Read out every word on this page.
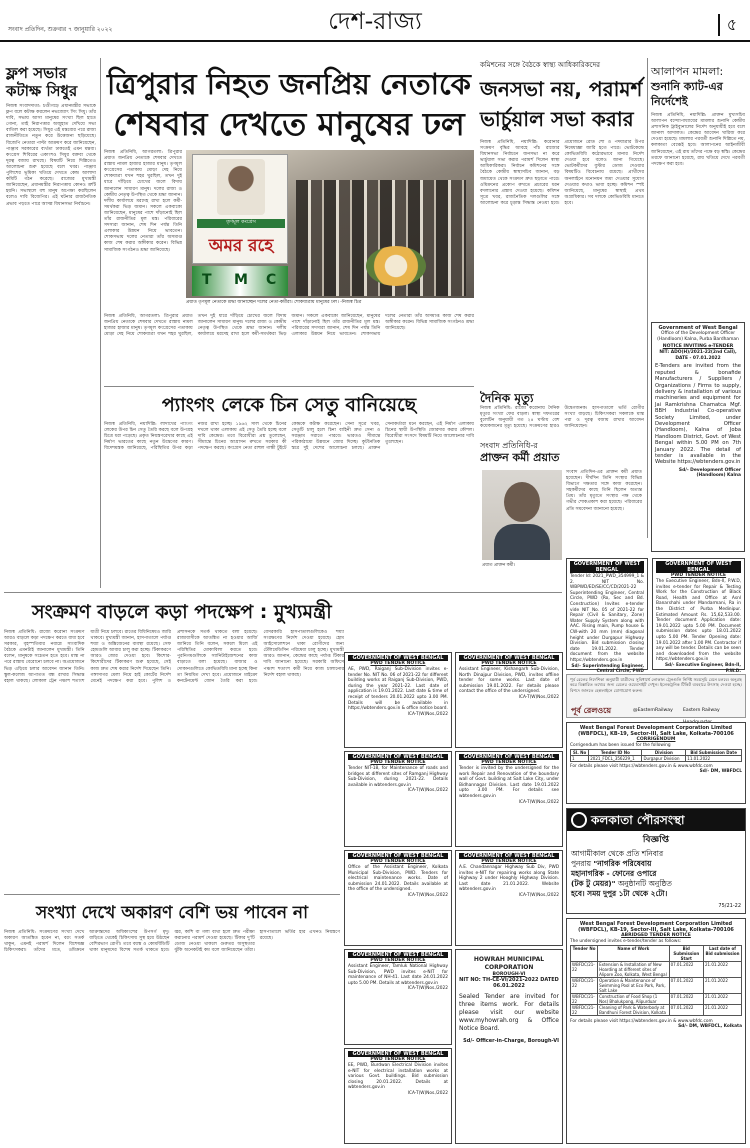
সংবাদ প্রতিদিন, শুক্রবার ৭ জানুয়ারি ২০২২	দেশ-রাজ্য	৫
ফ্লপ সভার কটাক্ষ সিধুর
নিজস্ব সংবাদদাতা: চণ্ডীগড়ে প্রধানমন্ত্রীর সভাকে ফ্লপ বলে কটাক্ষ করলেন নভজ্যোৎ সিং সিধু। তাঁর দাবি, সভায় আসা মানুষের সংখ্যা ছিল হাতে গোনা, তাই নিরাপত্তার অজুহাত দেখিয়ে সভা বাতিল করা হয়েছে। সিধুর এই মন্তব্যের পরে রাজ্য রাজনীতিতে নতুন করে উত্তেজনা ছড়িয়েছে। বিজেপি নেতারা পাল্টা আক্রমণ করে জানিয়েছেন, পাঞ্জাব সরকারের ব্যর্থতা ঢাকতেই এমন মন্তব্য। কংগ্রেস শিবিরের একাংশও সিধুর বক্তব্য থেকে দূরত্ব বজায় রাখছে। বিষয়টি নিয়ে দিল্লিতেও আলোচনা শুরু হয়েছে বলে খবর। পাঞ্জাব পুলিশের ভূমিকা খতিয়ে দেখতে কেন্দ্র আলাদা কমিটি গঠন করেছে। রাজ্যের মুখ্যমন্ত্রী জানিয়েছেন, প্রধানমন্ত্রীর নিরাপত্তায় কোনও ত্রুটি হয়নি। সভাস্থলে বহু মানুষ অপেক্ষা করছিলেন বলেও দাবি বিজেপির। এই ঘটনার রাজনৈতিক প্রভাব পড়তে পারে আসন্ন বিধানসভা নির্বাচনে।
ত্রিপুরার নিহত জনপ্রিয় নেতাকে
শেষবার দেখতে মানুষের ঢল
নিজস্ব প্রতিনিধি, আগরতলা: ত্রিপুরার প্রয়াত জনপ্রিয় নেতাকে শেষবার দেখতে রাস্তায় নামল হাজার হাজার মানুষ। তৃণমূল কংগ্রেসের পতাকায় মোড়া দেহ নিয়ে শোকযাত্রা যখন শহর ঘুরছিল, তখন দুই ধারে দাঁড়িয়ে চোখের জলে বিদায় জানালেন সাধারণ মানুষ। দলের রাজ্য ও কেন্দ্রীয় নেতৃত্ব উপস্থিত থেকে শ্রদ্ধা জানান। দলীয় কার্যালয়ে মরদেহ রাখা হলে কর্মী-সমর্থকরা ভিড় জমান। সকলে একবাক্যে জানিয়েছেন, মানুষের পাশে দাঁড়ানোই ছিল তাঁর রাজনীতির মূল মন্ত্র। পরিবারের সদস্যরা জানান, শেষ দিন পর্যন্ত তিনি এলাকার উন্নয়ন নিয়ে ভাবতেন। শোকসভায় দলের নেতারা তাঁর অসমাপ্ত কাজ শেষ করার অঙ্গীকার করেন। বিভিন্ন সামাজিক সংগঠনও শ্রদ্ধা জানিয়েছে।
তৃণমূল কংগ্রেস
অমর রহে
T M C
প্রয়াত তৃণমূল নেতাকে শ্রদ্ধা জানাচ্ছেন দলের নেতা-কর্মীরা। শোকযাত্রায় মানুষের ঢল। -নিজস্ব চিত্র
নিজস্ব প্রতিনিধি, আগরতলা: ত্রিপুরার প্রয়াত জনপ্রিয় নেতাকে শেষবার দেখতে রাস্তায় নামল হাজার হাজার মানুষ। তৃণমূল কংগ্রেসের পতাকায় মোড়া দেহ নিয়ে শোকযাত্রা যখন শহর ঘুরছিল, তখন দুই ধারে দাঁড়িয়ে চোখের জলে বিদায় জানালেন সাধারণ মানুষ। দলের রাজ্য ও কেন্দ্রীয় নেতৃত্ব উপস্থিত থেকে শ্রদ্ধা জানান। দলীয় কার্যালয়ে মরদেহ রাখা হলে কর্মী-সমর্থকরা ভিড় জমান। সকলে একবাক্যে জানিয়েছেন, মানুষের পাশে দাঁড়ানোই ছিল তাঁর রাজনীতির মূল মন্ত্র। পরিবারের সদস্যরা জানান, শেষ দিন পর্যন্ত তিনি এলাকার উন্নয়ন নিয়ে ভাবতেন। শোকসভায় দলের নেতারা তাঁর অসমাপ্ত কাজ শেষ করার অঙ্গীকার করেন। বিভিন্ন সামাজিক সংগঠনও শ্রদ্ধা জানিয়েছে।
কমিশনের সঙ্গে বৈঠকে স্বাস্থ্য আধিকারিকদের
জনসভা নয়, পরামর্শ
ভার্চুয়াল সভা করার
নিজস্ব প্রতিনিধি, নয়াদিল্লি: করোনার সংক্রমণ বৃদ্ধির আবহে পাঁচ রাজ্যের বিধানসভা নির্বাচনে জনসভা না করে ভার্চুয়াল সভা করার পরামর্শ দিলেন স্বাস্থ্য আধিকারিকরা। নির্বাচন কমিশনের সঙ্গে বৈঠকে কেন্দ্রীয় স্বাস্থ্যসচিব জানান, বড় জমায়েত থেকে সংক্রমণ দ্রুত ছড়াতে পারে। ওমিক্রনের প্রকোপ রুখতে প্রচারের ধরন বদলানোর প্রস্তাব দেওয়া হয়েছে। কমিশন সূত্রে খবর, রাজনৈতিক দলগুলির সঙ্গে আলোচনা করে চূড়ান্ত সিদ্ধান্ত নেওয়া হবে। প্রয়োজনে রোড শো ও পদযাত্রার উপর নিষেধাজ্ঞা জারি হতে পারে। ভোটকেন্দ্রে কোভিডবিধি কঠোরভাবে মানার নির্দেশ দেওয়া হবে বলেও জানা গিয়েছে। ভোটকর্মীদের বুস্টার ডোজ দেওয়ার বিষয়টিও বিবেচনায় রয়েছে। প্রার্থীদের অনলাইনে মনোনয়ন জমা দেওয়ার সুযোগ দেওয়ার কথাও ভাবা হচ্ছে। কমিশন স্পষ্ট জানিয়েছে, মানুষের স্বাস্থ্যই প্রথম অগ্রাধিকার। সব দলকে কোভিডবিধি মানতে হবে।
আলাপন মামলা:
শুনানি ক্যাট-এর
নির্দেশেই
নিজস্ব প্রতিনিধি, নয়াদিল্লি: প্রাক্তন মুখ্যসচিব আলাপন বন্দ্যোপাধ্যায়ের মামলার শুনানি কেন্দ্রীয় প্রশাসনিক ট্রাইব্যুনালের নির্দেশ অনুযায়ীই হবে বলে জানাল আদালত। কেন্দ্রের আবেদন খারিজ করে দেওয়া হয়েছে। মামলার পরবর্তী শুনানি দিল্লিতে নয়, কলকাতা বেঞ্চেই হবে। আলাপনের আইনজীবী জানিয়েছেন, এই রায় তাঁদের পক্ষে বড় স্বস্তি। কেন্দ্রের তরফে জানানো হয়েছে, রায় খতিয়ে দেখে পরবর্তী পদক্ষেপ করা হবে।
Government of West Bengal
Office of the Development Officer (Handloom) Kalna, Purba Bardhaman
NOTICE INVITING e-TENDER
NIT: ADO(H)/2021-22(2nd Call), DATE - 07.01.2022
E-Tenders are invited from the reputed & bonafide Manufacturers / Suppliers / Organizations / Firms to supply, delivery & installation of various machineries and equipment for Jai Ramkrishna Chamatca Mgf. BBH Industrial Co-operative Society Limited, under Development Officer (Handloom), Kalna of Joba Handloom District, Govt. of West Bengal within 5.00 PM on 7th January 2022. The detail of tender is available in the Website https://wbtenders.gov.in
Sd/- Development Officer (Handloom) Kalna
প্যাংগং লেকে চিন সেতু বানিয়েছে
নিজস্ব প্রতিনিধি, নয়াদিল্লি: লাদাখের প্যাংগং লেকের উপর চিন সেতু তৈরি করছে বলে উপগ্রহ চিত্রে ধরা পড়েছে। প্রকৃত নিয়ন্ত্রণরেখার কাছে এই নির্মাণ ভারতের কাছে নতুন উদ্বেগের কারণ। বিদেশমন্ত্রক জানিয়েছে, পরিস্থিতির উপর কড়া নজর রাখা হচ্ছে। ১৯৬২ সাল থেকে চিনের দখলে থাকা এলাকায় এই সেতু তৈরি হচ্ছে বলে দাবি কেন্দ্রের। তবে বিরোধীরা প্রশ্ন তুলেছেন, সীমান্তে চিনের আগ্রাসন রুখতে সরকার কী পদক্ষেপ করছে। কংগ্রেস নেতা রাহুল গান্ধী টুইটে কেন্দ্রকে কটাক্ষ করেছেন। সেনা সূত্রে খবর, সেতুটি চালু হলে চিনা বাহিনী দ্রুত সেনা ও সরঞ্জাম সরাতে পারবে। ভারতও সীমান্তে পরিকাঠামো উন্নয়নে জোর দিচ্ছে। কূটনৈতিক স্তরে দুই দেশের আলোচনা চলছে। প্রাক্তন সেনাকর্তারা মনে করছেন, এই নির্মাণ এলাকায় চিনের স্থায়ী উপস্থিতি জোরদার করার কৌশল। বিরোধীরা সংসদে বিষয়টি নিয়ে আলোচনার দাবি তুলেছেন।
দৈনিক মৃত্যু
নিজস্ব প্রতিনিধি: রাজ্যে করোনায় দৈনিক মৃত্যুর সংখ্যা ফের বাড়ল। স্বাস্থ্য দফতরের বুলেটিন অনুযায়ী গত ২৪ ঘণ্টায় বেশ কয়েকজনের মৃত্যু হয়েছে। সংক্রমণের হারও উদ্বেগজনক। হাসপাতালে ভর্তি রোগীর সংখ্যা বাড়ছে। চিকিৎসকরা সকলকে মাস্ক পরা ও দূরত্ব বজায় রাখার আবেদন জানিয়েছেন।
সংবাদ প্রতিনিধি-র
প্রাক্তন কর্মী প্রয়াত
সংবাদ প্রতিদিন-এর প্রাক্তন কর্মী প্রয়াত হয়েছেন। দীর্ঘদিন তিনি সংস্থার বিভিন্ন বিভাগে দক্ষতার সঙ্গে কাজ করেছেন। সহকর্মীদের কাছে তিনি ছিলেন অত্যন্ত প্রিয়। তাঁর মৃত্যুতে সংস্থার পক্ষ থেকে গভীর শোকপ্রকাশ করা হয়েছে। পরিবারের প্রতি সমবেদনা জানানো হয়েছে।
প্রয়াত প্রাক্তন কর্মী।	GOVERNMENT OF WEST BENGAL
Tender Id: 2021_PWD_354999_1 & 2. NIT No. WBPWD/ED/SE/CC/CD/2021-22 Superintending Engineer, Central Circle, PWD (Ro, Sec and Bd. Construction) Invites e-tender vide NIT No. 05 of 2021-22 for Repair (Civil & Sanitary, Zone) Water Supply System along with AAC. Rising main, Pump house & CW-with 20 mm (mm) diagonal height under Durgapur Highway Division. Bid submission closing date 19.01.2022. Tender document from the website https://wbtenders.gov.in
Sd/- Superintending Engineer, Central Circle, PWD
GOVERNMENT OF WEST BENGAL
PWD TENDER NOTICE
The Executive Engineer, Bdn-II, P.W.D, invites e-tender for Repair & Testing Work for the Construction of Black Road, Health and Office at Asnl Banarshahi under Mandarmani, Ra in the District of Purba Medinipur. Estimated Amount Rs. 15,62,533.00. Tender document Application date: 19.01.2022 upto 5.00 PM. Document submission dates upto 18.01.2022 upto 5.00 PM. Tender Opening date: 19.01.2022 after 1.00 PM. Contractor if any will be tender. Details can be seen and downloaded from the website https://wbtenders.gov.in
Sd/- Executive Engineer, Bdn-II, P.W.D.
সংক্রমণ বাড়লে কড়া পদক্ষেপ : মুখ্যমন্ত্রী
নিজস্ব প্রতিনিধি: রাজ্যে করোনা সংক্রমণ আরও বাড়লে কড়া পদক্ষেপ করতে বাধ্য হবে সরকার, বৃহস্পতিবার নবান্নে সাংবাদিক বৈঠকে এমনটাই জানালেন মুখ্যমন্ত্রী। তিনি বলেন, মানুষকে সচেতন হতে হবে। মাস্ক না পরে রাস্তায় বেরোনো চলবে না। অপ্রয়োজনে ভিড় এড়িয়ে চলার আবেদন জানান তিনি। স্কুল-কলেজ আপাতত বন্ধ রাখার সিদ্ধান্ত বহাল থাকছে। লোকাল ট্রেন পঞ্চাশ শতাংশ যাত্রী নিয়ে চলবে। রাতের বিধিনিষেধও জারি থাকবে। মুখ্যমন্ত্রী জানান, হাসপাতালে পর্যাপ্ত শয্যা ও অক্সিজেনের ব্যবস্থা রয়েছে। সেফ হোমগুলি আবার চালু করা হচ্ছে। টিকাকরণে আরও জোর দেওয়া হবে। কিশোর-কিশোরীদের টিকাকরণ শুরু হয়েছে, সেই কাজ দ্রুত শেষ করার নির্দেশ দিয়েছেন তিনি। গঙ্গাসাগর মেলা নিয়ে হাই কোর্টের নির্দেশ মেনেই পদক্ষেপ করা হবে। পুলিশ ও প্রশাসনকে সতর্ক থাকতে বলা হয়েছে। রাজ্যবাসীকে আতঙ্কিত না হওয়ার আর্জি জানিয়ে তিনি বলেন, সকলে মিলে এই পরিস্থিতির মোকাবিলা করতে হবে। পুরনিগমগুলিকে স্যানিটাইজেশনের কাজ বাড়াতে বলা হয়েছে। বাজার ও দোকানগুলিতে কোভিডবিধি মানা হচ্ছে কিনা তা নিয়মিত দেখা হবে। প্রয়োজনে মাইক্রো কনটেনমেন্ট জোন তৈরি করা হবে। বেসরকারি হাসপাতালগুলিকেও শয্যা সংরক্ষণের নির্দেশ দেওয়া হয়েছে। হোম আইসোলেশনে থাকা রোগীদের জন্য টেলিমেডিসিন পরিষেবা চালু হচ্ছে। মুখ্যমন্ত্রী আরও জানান, কেন্দ্রের কাছে পর্যাপ্ত টিকার দাবি জানানো হয়েছে। সরকারি অফিসে পঞ্চাশ শতাংশ কর্মী নিয়ে কাজ চালানোর নির্দেশ বহাল থাকছে।
পূর্ব রেলের নির্দেশিকা অনুযায়ী যাত্রীদের সুবিধার্থে লোকাল ট্রেনগুলি নির্দিষ্ট সময়সূচি মেনে চলবে। অনুগ্রহ করে বিস্তারিত তথ্যের জন্য রেলের ওয়েবসাইট দেখুন। ইলেকট্রনিক টিকিট ব্যবহারে উৎসাহ দেওয়া হচ্ছে। বিশদে জানতে হেল্পলাইনে যোগাযোগ করুন।
পূর্ব রেলওয়ে	@EasternRailway	Eastern Railway Headquarter
West Bengal Forest Development Corporation Limited (WBFDCL), KB-19, Sector-III, Salt Lake, Kolkata-700106
CORRIGENDUM
Corrigendum has been issued for the following
Sl. No	Tender ID No	Division	Bid Submission Date
1	2021_FDCL_356229_1	Durgapur Division	11.01.2022
For details please visit https://wbtenders.gov.in & www.wbfdc.com
Sd/- DM, WBFDCL
কলকাতা পৌরসংস্থা
বিজ্ঞপ্তি
আগামীকাল থেকে প্রতি শনিবার
পুনরায় "নাগরিক পরিষেবায়
মহানাগরিক - ফোনের ওপারে
(টক টু মেয়র)" অনুষ্ঠানটি অনুষ্ঠিত
হবে। সময় দুপুর ১টা থেকে ২টো।
75/21-22
West Bengal Forest Development Corporation Limited (WBFDCL), KB-19, Sector-III, Salt Lake, Kolkata-700106
ABRIDGED TENDER NOTICE
The undersigned invites e-tender/tender as follows:
Tender No	Name of Work	Bid Submission Start	Last date of Bid submission
WBFDC/21-22	Extension & Installation of New Hoarding at different sites of Alipore Zoo, Kolkata, West Bengal	07.01.2022	21.01.2022
WBFDC/21-22	Operation & Maintenance of Swimming Pool at Eco Park, Park, Salt Lake	07.01.2022	21.01.2022
WBFDC/21-22	Construction of Food Shop (1 Nos) Bhalukpong, Alipurduar	07.01.2022	21.01.2022
WBFDC/21-22	Cleaning of Park & Waterbody at Bandhuni Forest Division, Kolkata	07.01.2022	21.01.2022
For details please visit https://wbtenders.gov.in & www.wbfdc.com
Sd/- DM, WBFDCL, Kolkata
GOVERNMENT OF WEST BENGAL
PWD TENDER NOTICE
AE, PWD, Raiganj Sub-Division invites e-tender No. NIT No. 06 of 2021-22 for different building works at Raiganj Sub-Division, PWD, during the year 2021-22. Last date of application is 19.01.2022. Last date & time of receipt of tenders 20.01.2022 upto 3.00 PM. Details will be available in https://wbtenders.gov.in & office notice board.
ICA-T(W)Nos./2022
GOVERNMENT OF WEST BENGAL
PWD TENDER NOTICE
Assistant Engineer, Kishangarh Sub-Division, North Dinajpur Division, PWD, invites offline tender for some works. Last date of submission 19.01.2022. For details please contact the office of the undersigned.
ICA-T(W)Nos./2022
GOVERNMENT OF WEST BENGAL
PWD TENDER NOTICE
Tender NIT-18, for Maintenance of roads and bridges at different sites of Ramganj Highway Sub-Division, during 2021-22. Details available in wbtenders.gov.in
ICA-T(W)Nos./2022
GOVERNMENT OF WEST BENGAL
PWD TENDER NOTICE
Tender is invited by the undersigned for the work Repair and Renovation of the boundary wall of Govt. building at Salt Lake City, under Bidhannagar Division. Last date 19.01.2022 upto 3.00 PM. For details see wbtenders.gov.in
ICA-T(W)Nos./2022
GOVERNMENT OF WEST BENGAL
PWD TENDER NOTICE
Office of the Assistant Engineer, Kolkata Municipal Sub-Division, PWD. Tenders for electrical maintenance works. Date of submission 24.01.2022. Details available at the office of the undersigned.
ICA-T(W)Nos./2022
GOVERNMENT OF WEST BENGAL
PWD TENDER NOTICE
A.E. Chandannagar Highway Sub Div, PWD invites e-NIT for repairing works along State Highway 2 under Hooghly Highway Division. Last date 21.01.2022. Website wbtenders.gov.in
ICA-T(W)Nos./2022
GOVERNMENT OF WEST BENGAL
PWD TENDER NOTICE
Assistant Engineer, Tamluk National Highway Sub-Division, PWD invites e-NIT for maintenance of NH-41. Last date 24.01.2022 upto 5.00 PM. Details at wbtenders.gov.in
ICA-T(W)Nos./2022
GOVERNMENT OF WEST BENGAL
PWD TENDER NOTICE
EE, PWD, Burdwan Electrical Division invites e-NIT for electrical installation works at various Govt. buildings. Bid submission closing 20.01.2022. Details at wbtenders.gov.in
ICA-T(W)Nos./2022
HOWRAH MUNICIPAL CORPORATION
BOROUGH-VI
NIT NO: TH-CE-VI/2021-2022 DATED 06.01.2022
Sealed Tender are invited for three items work. For details please visit our website www.myhowrah.org & Office Notice Board.
Sd/- Officer-in-Charge, Borough-VI
সংখ্যা দেখে অকারণ বেশি ভয় পাবেন না
নিজস্ব প্রতিনিধি: সংক্রমণের সংখ্যা দেখে অকারণ আতঙ্কিত হবেন না, বরং সতর্ক থাকুন, এমনই পরামর্শ দিলেন বিশেষজ্ঞ চিকিৎসকরা। তাঁদের মতে, ওমিক্রনে আক্রান্তদের অধিকাংশের উপসর্গ মৃদু। বাড়িতে থেকেই চিকিৎসায় সুস্থ হয়ে উঠছেন বেশিরভাগ রোগী। তবে বয়স্ক ও কোমর্বিডিটি থাকা মানুষদের বিশেষ সতর্ক থাকতে হবে। জ্বর, কাশি বা গলা ব্যথা হলে দ্রুত পরীক্ষা করানোর পরামর্শ দেওয়া হয়েছে। টিকার দু'টি ডোজ নেওয়া থাকলে গুরুতর অসুস্থতার ঝুঁকি অনেকটাই কম বলে জানিয়েছেন তাঁরা। হাসপাতালে ভর্তির হার এখনও নিয়ন্ত্রণে রয়েছে।
